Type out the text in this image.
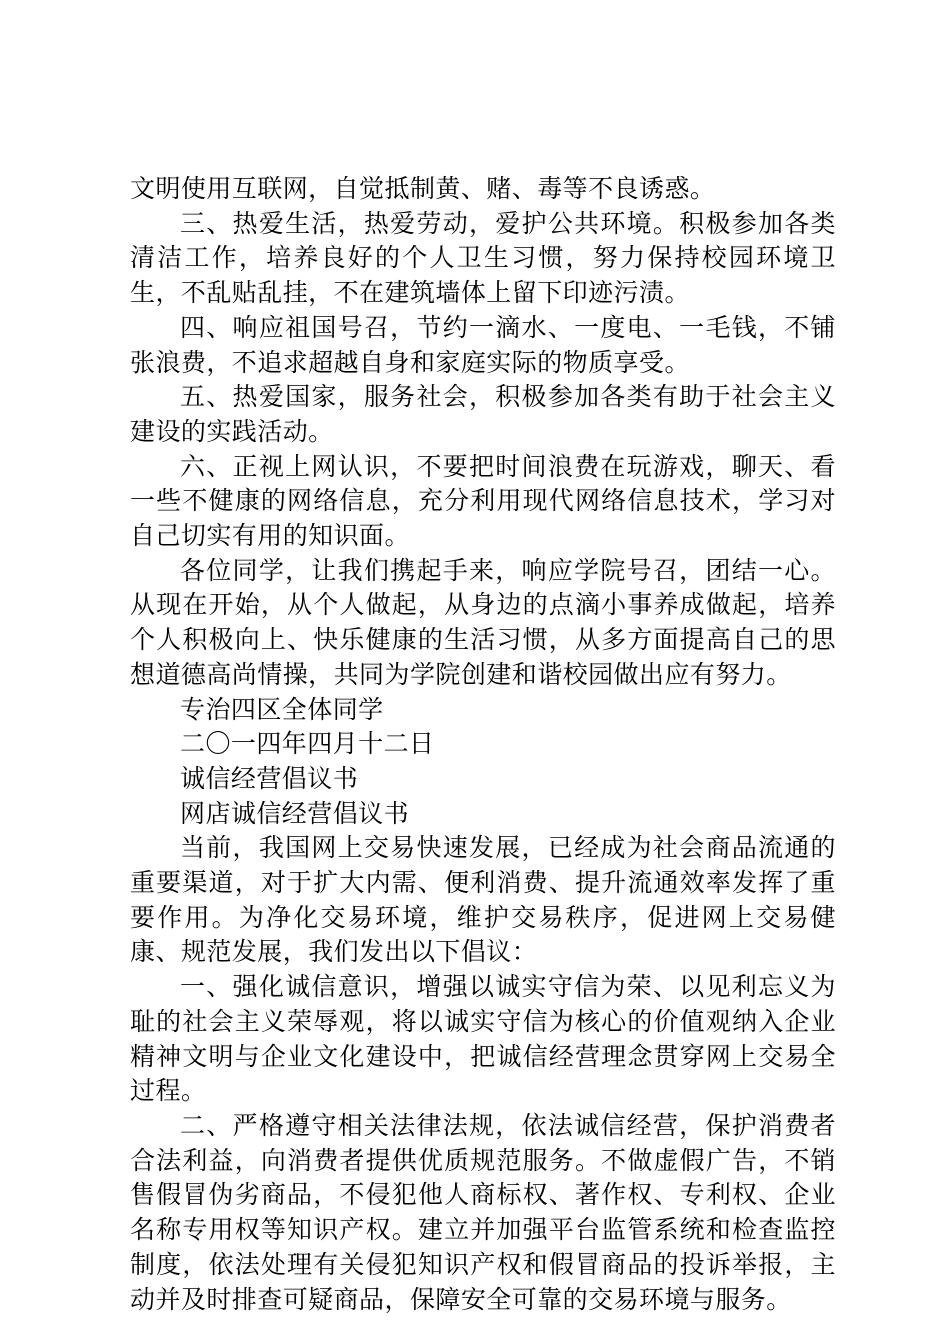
文明使用互联网，自觉抵制黄、赌、毒等不良诱惑。

三、热爱生活，热爱劳动，爱护公共环境。积极参加各类清洁工作，培养良好的个人卫生习惯，努力保持校园环境卫生，不乱贴乱挂，不在建筑墙体上留下印迹污渍。

四、响应祖国号召，节约一滴水、一度电、一毛钱，不铺张浪费，不追求超越自身和家庭实际的物质享受。

五、热爱国家，服务社会，积极参加各类有助于社会主义建设的实践活动。

六、正视上网认识，不要把时间浪费在玩游戏，聊天、看一些不健康的网络信息，充分利用现代网络信息技术，学习对自己切实有用的知识面。

各位同学，让我们携起手来，响应学院号召，团结一心。从现在开始，从个人做起，从身边的点滴小事养成做起，培养个人积极向上、快乐健康的生活习惯，从多方面提高自己的思想道德高尚情操，共同为学院创建和谐校园做出应有努力。

专治四区全体同学

二〇一四年四月十二日

诚信经营倡议书

网店诚信经营倡议书

当前，我国网上交易快速发展，已经成为社会商品流通的重要渠道，对于扩大内需、便利消费、提升流通效率发挥了重要作用。为净化交易环境，维护交易秩序，促进网上交易健康、规范发展，我们发出以下倡议：

一、强化诚信意识，增强以诚实守信为荣、以见利忘义为耻的社会主义荣辱观，将以诚实守信为核心的价值观纳入企业精神文明与企业文化建设中，把诚信经营理念贯穿网上交易全过程。

二、严格遵守相关法律法规，依法诚信经营，保护消费者合法利益，向消费者提供优质规范服务。不做虚假广告，不销售假冒伪劣商品，不侵犯他人商标权、著作权、专利权、企业名称专用权等知识产权。建立并加强平台监管系统和检查监控制度，依法处理有关侵犯知识产权和假冒商品的投诉举报，主动并及时排查可疑商品，保障安全可靠的交易环境与服务。
